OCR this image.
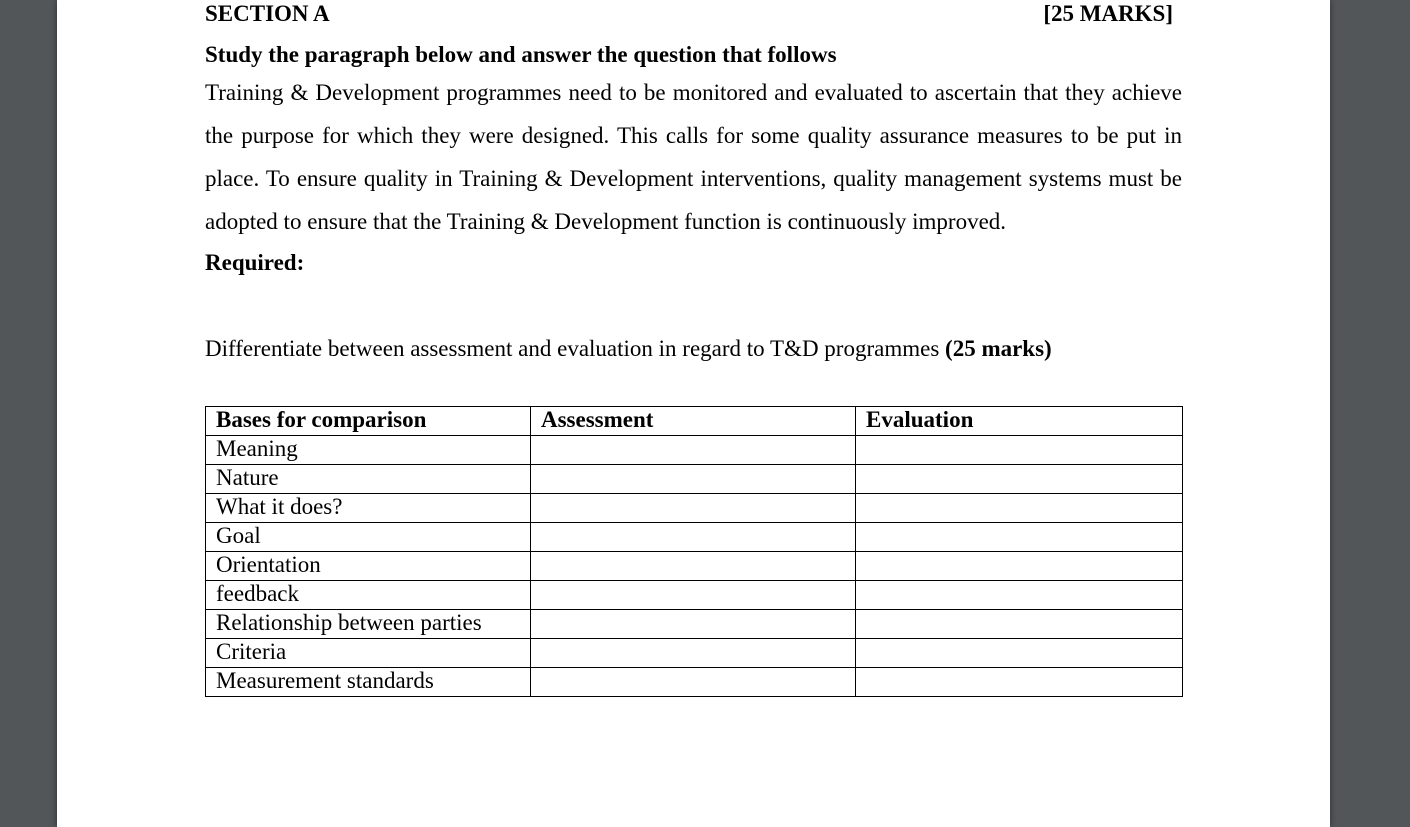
SECTION A	[25 MARKS]
Study the paragraph below and answer the question that follows
Training & Development programmes need to be monitored and evaluated to ascertain that they achieve the purpose for which they were designed. This calls for some quality assurance measures to be put in place. To ensure quality in Training & Development interventions, quality management systems must be adopted to ensure that the Training & Development function is continuously improved.
Required:
Differentiate between assessment and evaluation in regard to T&D programmes (25 marks)
Bases for comparison	Assessment	Evaluation
Meaning		
Nature		
What it does?		
Goal		
Orientation		
feedback		
Relationship between parties		
Criteria		
Measurement standards		
